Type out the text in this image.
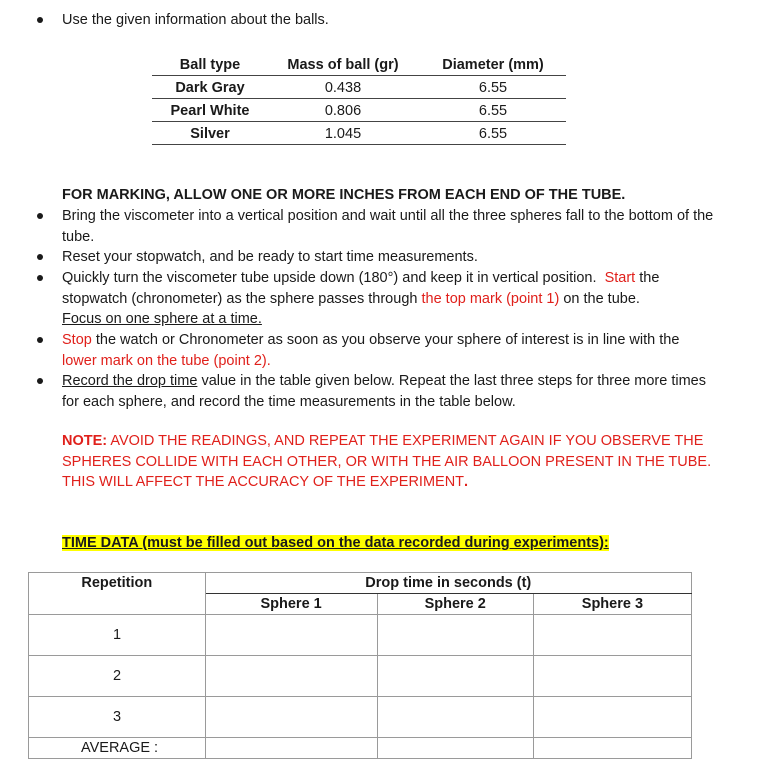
Use the given information about the balls.
Ball type	Mass of ball (gr)	Diameter (mm)
Dark Gray	0.438	6.55
Pearl White	0.806	6.55
Silver	1.045	6.55
FOR MARKING, ALLOW ONE OR MORE INCHES FROM EACH END OF THE TUBE.
Bring the viscometer into a vertical position and wait until all the three spheres fall to the bottom of the tube.
Reset your stopwatch, and be ready to start time measurements.
Quickly turn the viscometer tube upside down (180°) and keep it in vertical position. Start the stopwatch (chronometer) as the sphere passes through the top mark (point 1) on the tube.
Focus on one sphere at a time.
Stop the watch or Chronometer as soon as you observe your sphere of interest is in line with the
lower mark on the tube (point 2).
Record the drop time value in the table given below. Repeat the last three steps for three more times for each sphere, and record the time measurements in the table below.
NOTE: AVOID THE READINGS, AND REPEAT THE EXPERIMENT AGAIN IF YOU OBSERVE THE SPHERES COLLIDE WITH EACH OTHER, OR WITH THE AIR BALLOON PRESENT IN THE TUBE. THIS WILL AFFECT THE ACCURACY OF THE EXPERIMENT.
TIME DATA (must be filled out based on the data recorded during experiments):
Repetition	Drop time in seconds (t)		
	Sphere 1	Sphere 2	Sphere 3
1			
2			
3			
AVERAGE :			
